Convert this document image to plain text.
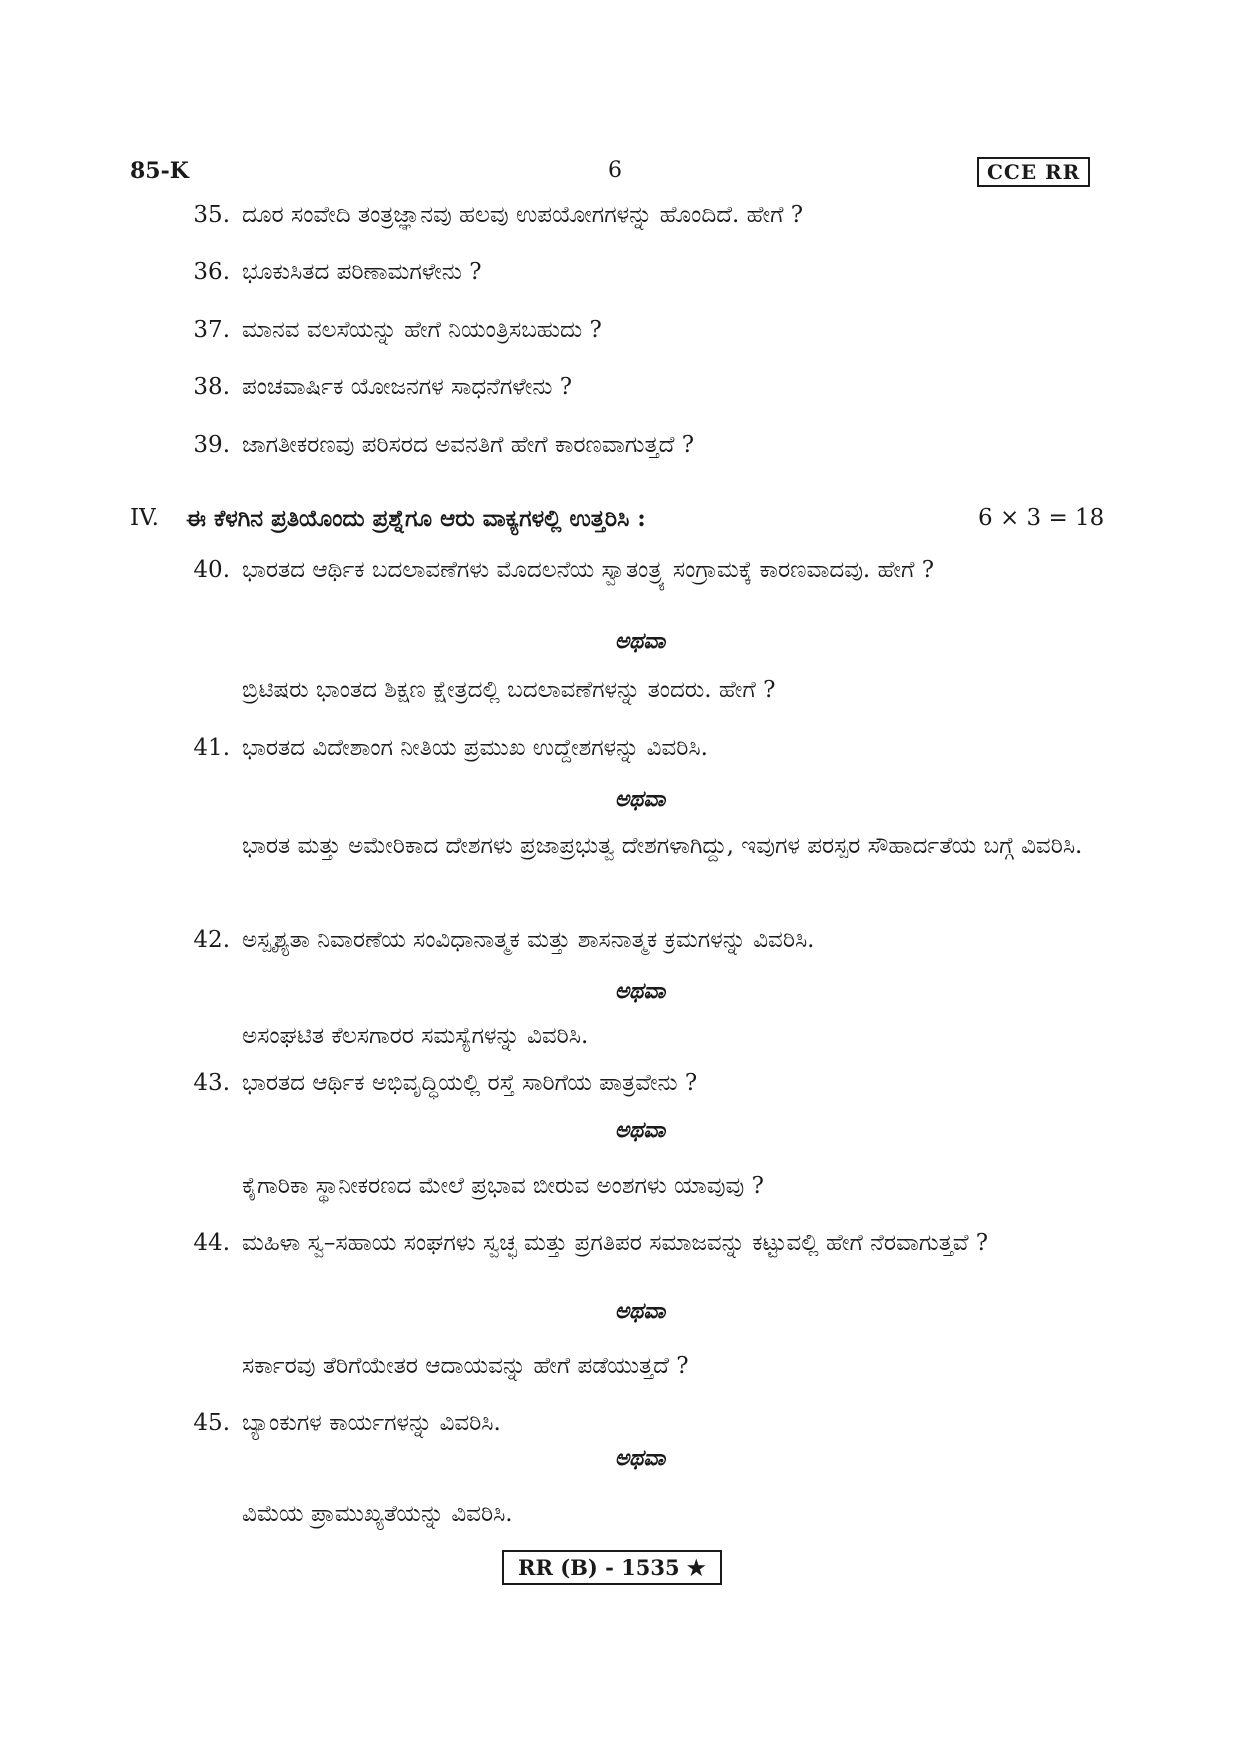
85-K	6	CCE RR
35. ದೂರ ಸಂವೇದಿ ತಂತ್ರಜ್ಞಾನವು ಹಲವು ಉಪಯೋಗಗಳನ್ನು ಹೊಂದಿದೆ. ಹೇಗೆ ?
36. ಭೂಕುಸಿತದ ಪರಿಣಾಮಗಳೇನು ?
37. ಮಾನವ ವಲಸೆಯನ್ನು ಹೇಗೆ ನಿಯಂತ್ರಿಸಬಹುದು ?
38. ಪಂಚವಾರ್ಷಿಕ ಯೋಜನಗಳ ಸಾಧನೆಗಳೇನು ?
39. ಜಾಗತೀಕರಣವು ಪರಿಸರದ ಅವನತಿಗೆ ಹೇಗೆ ಕಾರಣವಾಗುತ್ತದೆ ?
IV. ಈ ಕೆಳಗಿನ ಪ್ರತಿಯೊಂದು ಪ್ರಶ್ನೆಗೂ ಆರು ವಾಕ್ಯಗಳಲ್ಲಿ ಉತ್ತರಿಸಿ :	6 × 3 = 18
40. ಭಾರತದ ಆರ್ಥಿಕ ಬದಲಾವಣೆಗಳು ಮೊದಲನೆಯ ಸ್ವಾತಂತ್ರ್ಯ ಸಂಗ್ರಾಮಕ್ಕೆ ಕಾರಣವಾದವು. ಹೇಗೆ ?
ಅಥವಾ
ಬ್ರಿಟಿಷರು ಭಾಂತದ ಶಿಕ್ಷಣ ಕ್ಷೇತ್ರದಲ್ಲಿ ಬದಲಾವಣೆಗಳನ್ನು ತಂದರು. ಹೇಗೆ ?
41. ಭಾರತದ ವಿದೇಶಾಂಗ ನೀತಿಯ ಪ್ರಮುಖ ಉದ್ದೇಶಗಳನ್ನು ವಿವರಿಸಿ.
ಅಥವಾ
ಭಾರತ ಮತ್ತು ಅಮೇರಿಕಾದ ದೇಶಗಳು ಪ್ರಜಾಪ್ರಭುತ್ವ ದೇಶಗಳಾಗಿದ್ದು, ಇವುಗಳ ಪರಸ್ಪರ ಸೌಹಾರ್ದತೆಯ ಬಗ್ಗೆ ವಿವರಿಸಿ.
42. ಅಸ್ಪೃಶ್ಯತಾ ನಿವಾರಣೆಯ ಸಂವಿಧಾನಾತ್ಮಕ ಮತ್ತು ಶಾಸನಾತ್ಮಕ ಕ್ರಮಗಳನ್ನು ವಿವರಿಸಿ.
ಅಥವಾ
ಅಸಂಘಟಿತ ಕೆಲಸಗಾರರ ಸಮಸ್ಯೆಗಳನ್ನು ವಿವರಿಸಿ.
43. ಭಾರತದ ಆರ್ಥಿಕ ಅಭಿವೃದ್ಧಿಯಲ್ಲಿ ರಸ್ತೆ ಸಾರಿಗೆಯ ಪಾತ್ರವೇನು ?
ಅಥವಾ
ಕೈಗಾರಿಕಾ ಸ್ಥಾನೀಕರಣದ ಮೇಲೆ ಪ್ರಭಾವ ಬೀರುವ ಅಂಶಗಳು ಯಾವುವು ?
44. ಮಹಿಳಾ ಸ್ವ–ಸಹಾಯ ಸಂಘಗಳು ಸ್ವಚ್ಛ ಮತ್ತು ಪ್ರಗತಿಪರ ಸಮಾಜವನ್ನು ಕಟ್ಟುವಲ್ಲಿ ಹೇಗೆ ನೆರವಾಗುತ್ತವೆ ?
ಅಥವಾ
ಸರ್ಕಾರವು ತೆರಿಗೆಯೇತರ ಆದಾಯವನ್ನು ಹೇಗೆ ಪಡೆಯುತ್ತದೆ ?
45. ಬ್ಯಾಂಕುಗಳ ಕಾರ್ಯಗಳನ್ನು ವಿವರಿಸಿ.
ಅಥವಾ
ವಿಮೆಯ ಪ್ರಾಮುಖ್ಯತೆಯನ್ನು ವಿವರಿಸಿ.
RR (B) - 1535 ★
